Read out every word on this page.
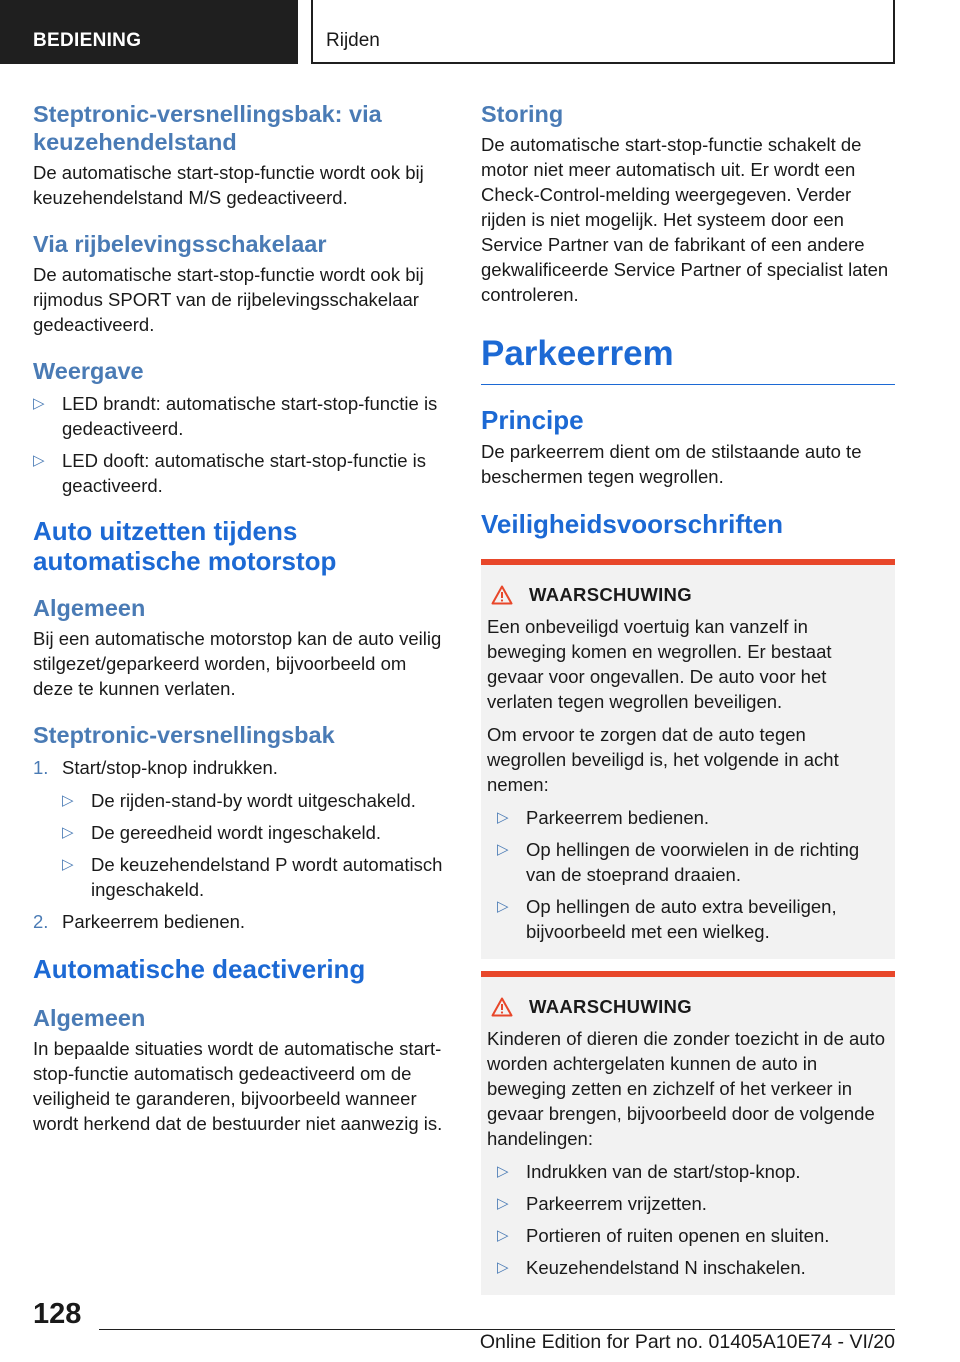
BEDIENING	Rijden
Steptronic-versnellingsbak: via keuzehendelstand

De automatische start-stop-functie wordt ook bij keuzehendelstand M/S gedeactiveerd.

Via rijbelevingsschakelaar

De automatische start-stop-functie wordt ook bij rijmodus SPORT van de rijbelevingsschakelaar gedeactiveerd.

Weergave
▷ LED brandt: automatische start-stop-functie is gedeactiveerd.
▷ LED dooft: automatische start-stop-functie is geactiveerd.
Auto uitzetten tijdens automatische motorstop
Algemeen

Bij een automatische motorstop kan de auto veilig stilgezet/geparkeerd worden, bijvoorbeeld om deze te kunnen verlaten.

Steptronic-versnellingsbak
1. Start/stop-knop indrukken.
▷ De rijden-stand-by wordt uitgeschakeld.
▷ De gereedheid wordt ingeschakeld.
▷ De keuzehendelstand P wordt automatisch ingeschakeld.
2. Parkeerrem bedienen.
Automatische deactivering
Algemeen

In bepaalde situaties wordt de automatische start-stop-functie automatisch gedeactiveerd om de veiligheid te garanderen, bijvoorbeeld wanneer wordt herkend dat de bestuurder niet aanwezig is.

Storing

De automatische start-stop-functie schakelt de motor niet meer automatisch uit. Er wordt een Check-Control-melding weergegeven. Verder rijden is niet mogelijk. Het systeem door een Service Partner van de fabrikant of een andere gekwalificeerde Service Partner of specialist laten controleren.

Parkeerrem
Principe

De parkeerrem dient om de stilstaande auto te beschermen tegen wegrollen.

Veiligheidsvoorschriften
WAARSCHUWING

Een onbeveiligd voertuig kan vanzelf in beweging komen en wegrollen. Er bestaat gevaar voor ongevallen. De auto voor het verlaten tegen wegrollen beveiligen.

Om ervoor te zorgen dat de auto tegen wegrollen beveiligd is, het volgende in acht nemen:

▷ Parkeerrem bedienen.
▷ Op hellingen de voorwielen in de richting van de stoeprand draaien.
▷ Op hellingen de auto extra beveiligen, bijvoorbeeld met een wielkeg.
WAARSCHUWING

Kinderen of dieren die zonder toezicht in de auto worden achtergelaten kunnen de auto in beweging zetten en zichzelf of het verkeer in gevaar brengen, bijvoorbeeld door de volgende handelingen:

▷ Indrukken van de start/stop-knop.
▷ Parkeerrem vrijzetten.
▷ Portieren of ruiten openen en sluiten.
▷ Keuzehendelstand N inschakelen.
128
Online Edition for Part no. 01405A10E74 - VI/20
